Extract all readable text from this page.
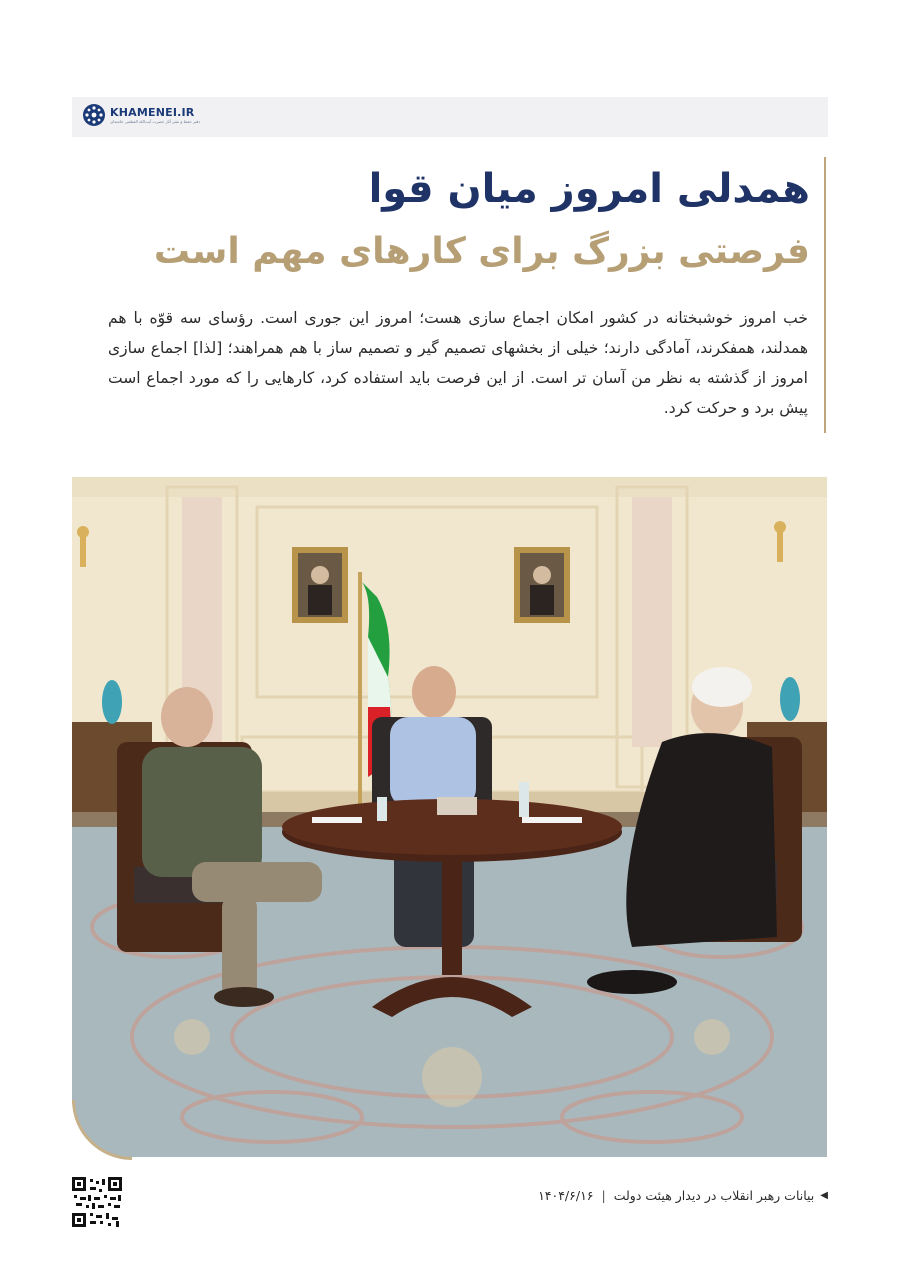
KHAMENEI.IR
دفتر حفظ و نشر آثار حضرت آیت‌الله العظمی خامنه‌ای
همدلی امروز میان قوا
فرصتی بزرگ برای کارهای مهم است
خب امروز خوشبختانه در کشور امکان اجماع سازی هست؛ امروز این جوری است. رؤسای سه قوّه با هم همدلند، همفکرند، آمادگی دارند؛ خیلی از بخشهای تصمیم گیر و تصمیم ساز با هم همراهند؛ [لذا] اجماع سازی امروز از گذشته به نظر من آسان تر است. از این فرصت باید استفاده کرد، کارهایی را که مورد اجماع است پیش برد و حرکت کرد.
◀
بیانات رهبر انقلاب در دیدار هیئت دولت
|
۱۴۰۴/۶/۱۶
